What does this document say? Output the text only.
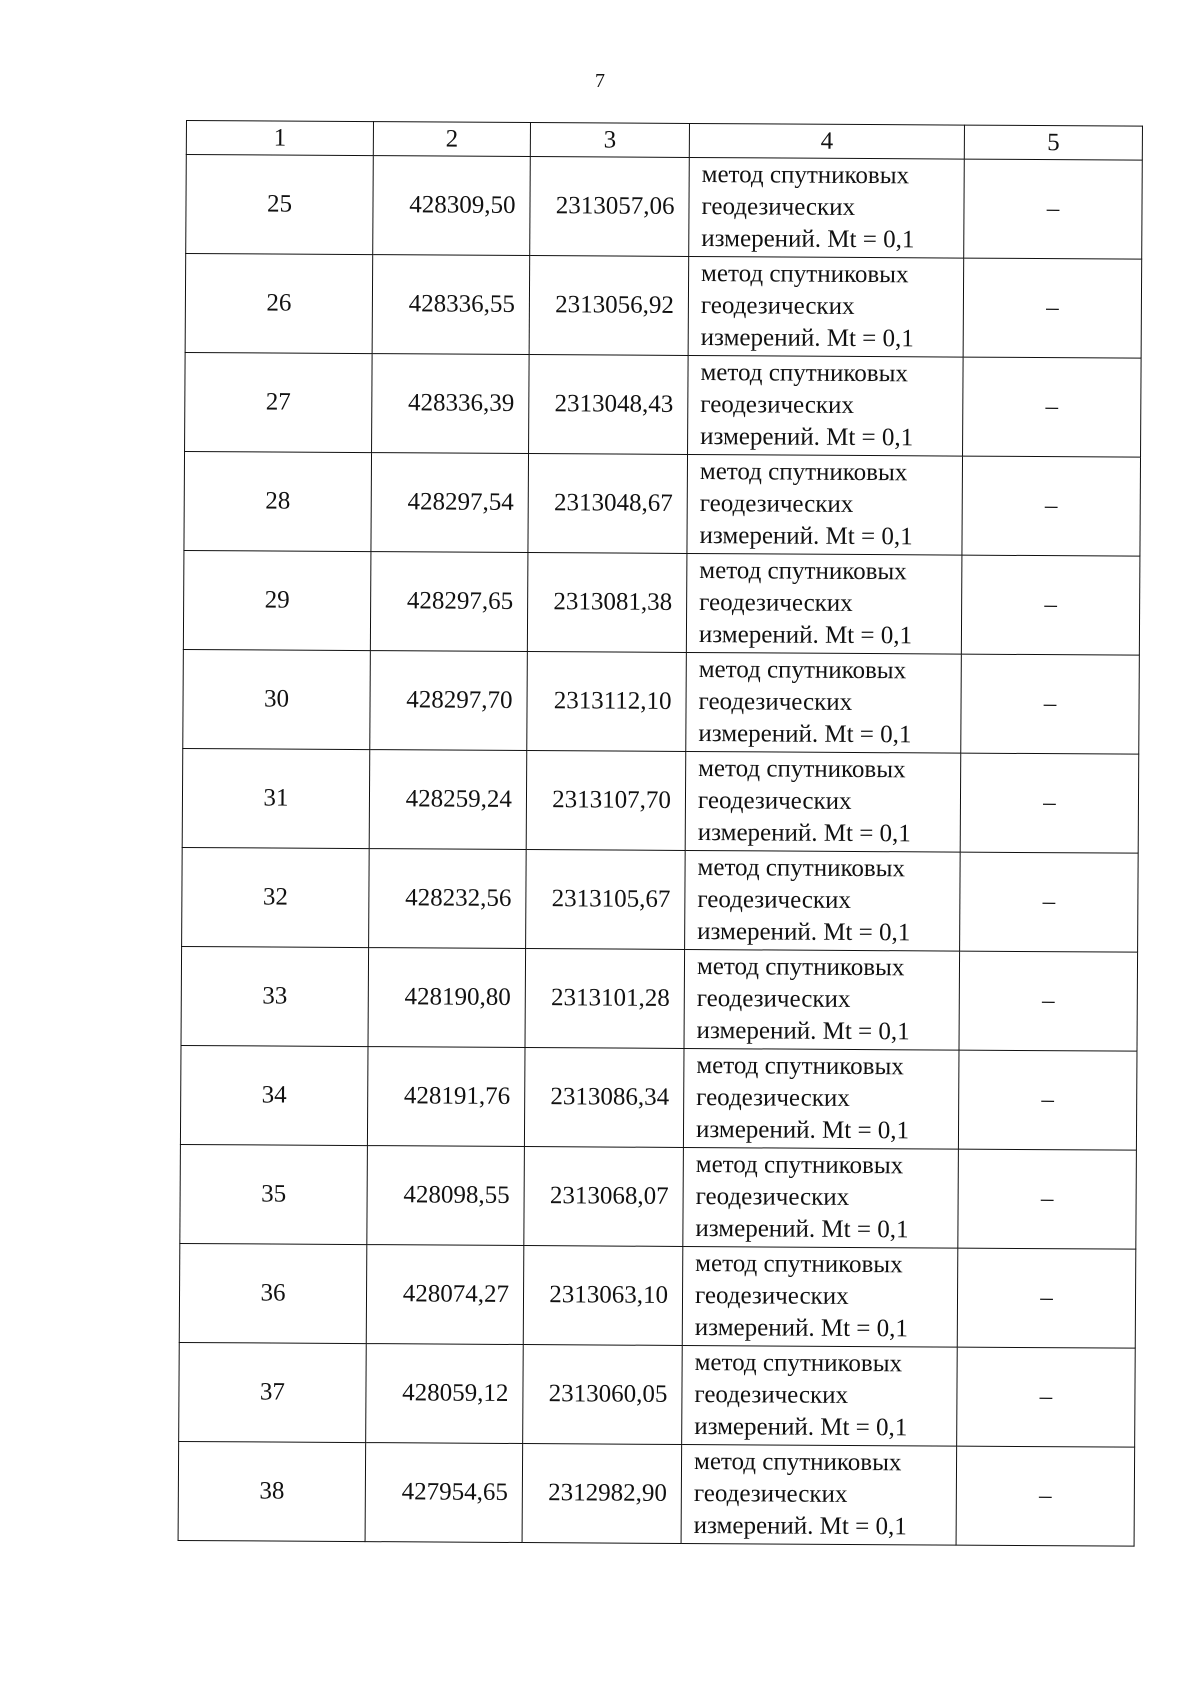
7
1	2	3	4	5
25	428309,50	2313057,06	метод спутниковых
геодезических
измерений. Mt = 0,1	–
26	428336,55	2313056,92	метод спутниковых
геодезических
измерений. Mt = 0,1	–
27	428336,39	2313048,43	метод спутниковых
геодезических
измерений. Mt = 0,1	–
28	428297,54	2313048,67	метод спутниковых
геодезических
измерений. Mt = 0,1	–
29	428297,65	2313081,38	метод спутниковых
геодезических
измерений. Mt = 0,1	–
30	428297,70	2313112,10	метод спутниковых
геодезических
измерений. Mt = 0,1	–
31	428259,24	2313107,70	метод спутниковых
геодезических
измерений. Mt = 0,1	–
32	428232,56	2313105,67	метод спутниковых
геодезических
измерений. Mt = 0,1	–
33	428190,80	2313101,28	метод спутниковых
геодезических
измерений. Mt = 0,1	–
34	428191,76	2313086,34	метод спутниковых
геодезических
измерений. Mt = 0,1	–
35	428098,55	2313068,07	метод спутниковых
геодезических
измерений. Mt = 0,1	–
36	428074,27	2313063,10	метод спутниковых
геодезических
измерений. Mt = 0,1	–
37	428059,12	2313060,05	метод спутниковых
геодезических
измерений. Mt = 0,1	–
38	427954,65	2312982,90	метод спутниковых
геодезических
измерений. Mt = 0,1	–
